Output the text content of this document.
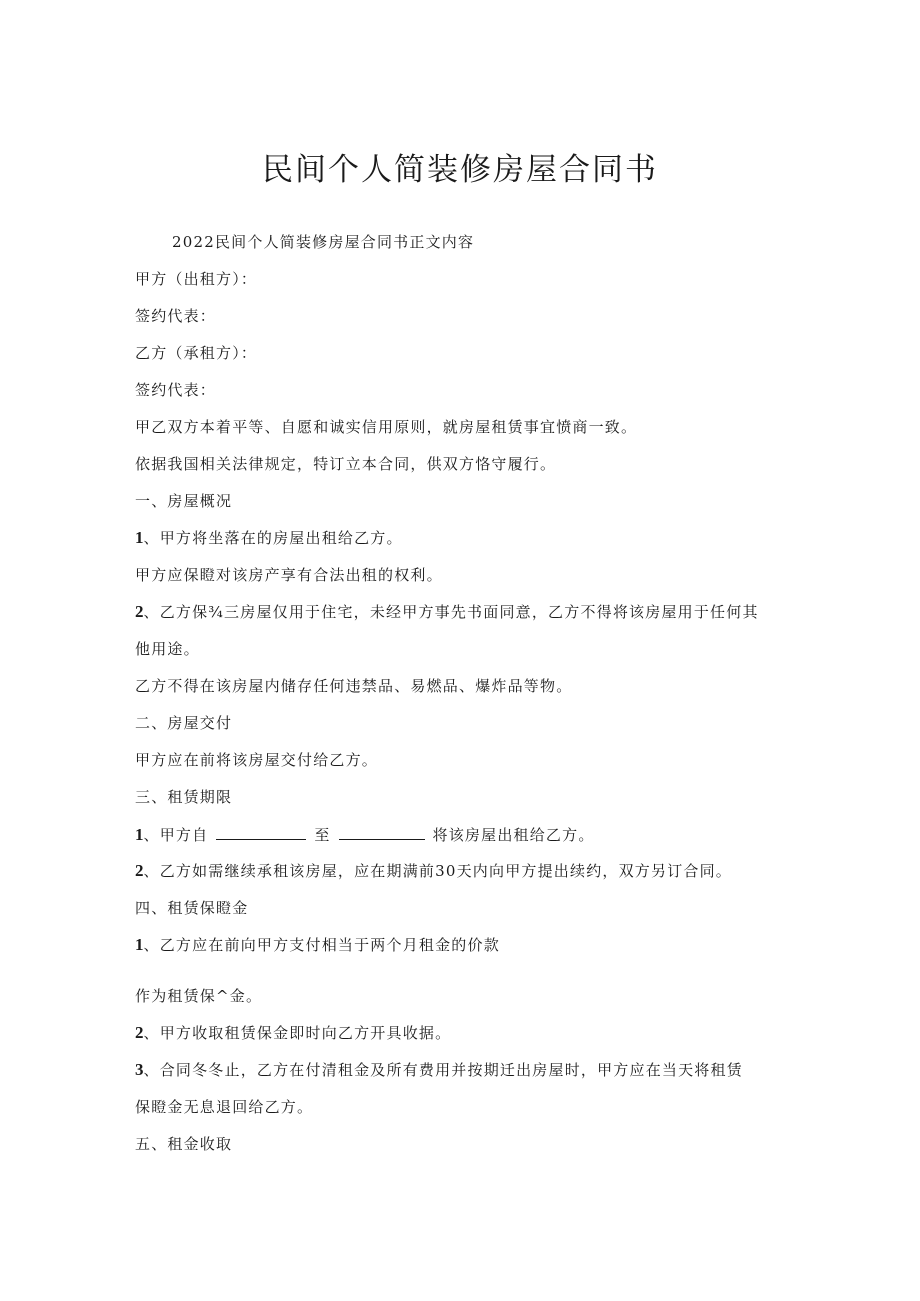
民间个人简装修房屋合同书
2022民间个人简装修房屋合同书正文内容
甲方（出租方）：
签约代表：
乙方（承租方）：
签约代表：
甲乙双方本着平等、自愿和诚实信用原则，就房屋租赁事宜愤商一致。
依据我国相关法律规定，特订立本合同，供双方恪守履行。
一、房屋概况
1、甲方将坐落在的房屋出租给乙方。
甲方应保瞪对该房产享有合法出租的权利。
2、乙方保¾三房屋仅用于住宅，未经甲方事先书面同意，乙方不得将该房屋用于任何其
他用途。
乙方不得在该房屋内储存任何违禁品、易燃品、爆炸品等物。
二、房屋交付
甲方应在前将该房屋交付给乙方。
三、租赁期限
1、甲方自	至	将该房屋出租给乙方。
2、乙方如需继续承租该房屋，应在期满前30天内向甲方提出续约，双方另订合同。
四、租赁保瞪金
1、乙方应在前向甲方支付相当于两个月租金的价款
作为租赁保^金。
2、甲方收取租赁保金即时向乙方开具收据。
3、合同冬冬止，乙方在付清租金及所有费用并按期迁出房屋时，甲方应在当天将租赁
保瞪金无息退回给乙方。
五、租金收取
